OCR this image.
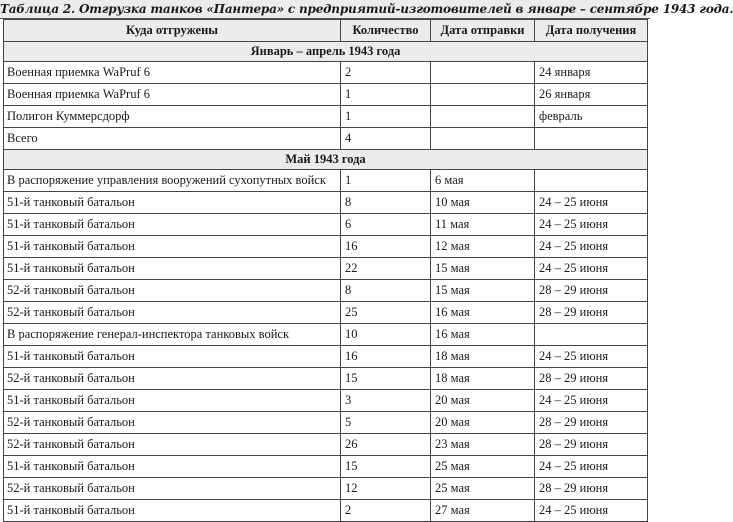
Таблица 2. Отгрузка танков «Пантера» с предприятий-изготовителей в январе – сентябре 1943 года.
Куда отгружены	Количество	Дата отправки	Дата получения
Январь – апрель 1943 года			
Военная приемка WaPruf 6	2		24 января
Военная приемка WaPruf 6	1		26 января
Полигон Куммерсдорф	1		февраль
Всего	4		
Май 1943 года			
В распоряжение управления вооружений сухопутных войск	1	6 мая	
51-й танковый батальон	8	10 мая	24 – 25 июня
51-й танковый батальон	6	11 мая	24 – 25 июня
51-й танковый батальон	16	12 мая	24 – 25 июня
51-й танковый батальон	22	15 мая	24 – 25 июня
52-й танковый батальон	8	15 мая	28 – 29 июня
52-й танковый батальон	25	16 мая	28 – 29 июня
В распоряжение генерал-инспектора танковых войск	10	16 мая	
51-й танковый батальон	16	18 мая	24 – 25 июня
52-й танковый батальон	15	18 мая	28 – 29 июня
51-й танковый батальон	3	20 мая	24 – 25 июня
52-й танковый батальон	5	20 мая	28 – 29 июня
52-й танковый батальон	26	23 мая	28 – 29 июня
51-й танковый батальон	15	25 мая	24 – 25 июня
52-й танковый батальон	12	25 мая	28 – 29 июня
51-й танковый батальон	2	27 мая	24 – 25 июня
